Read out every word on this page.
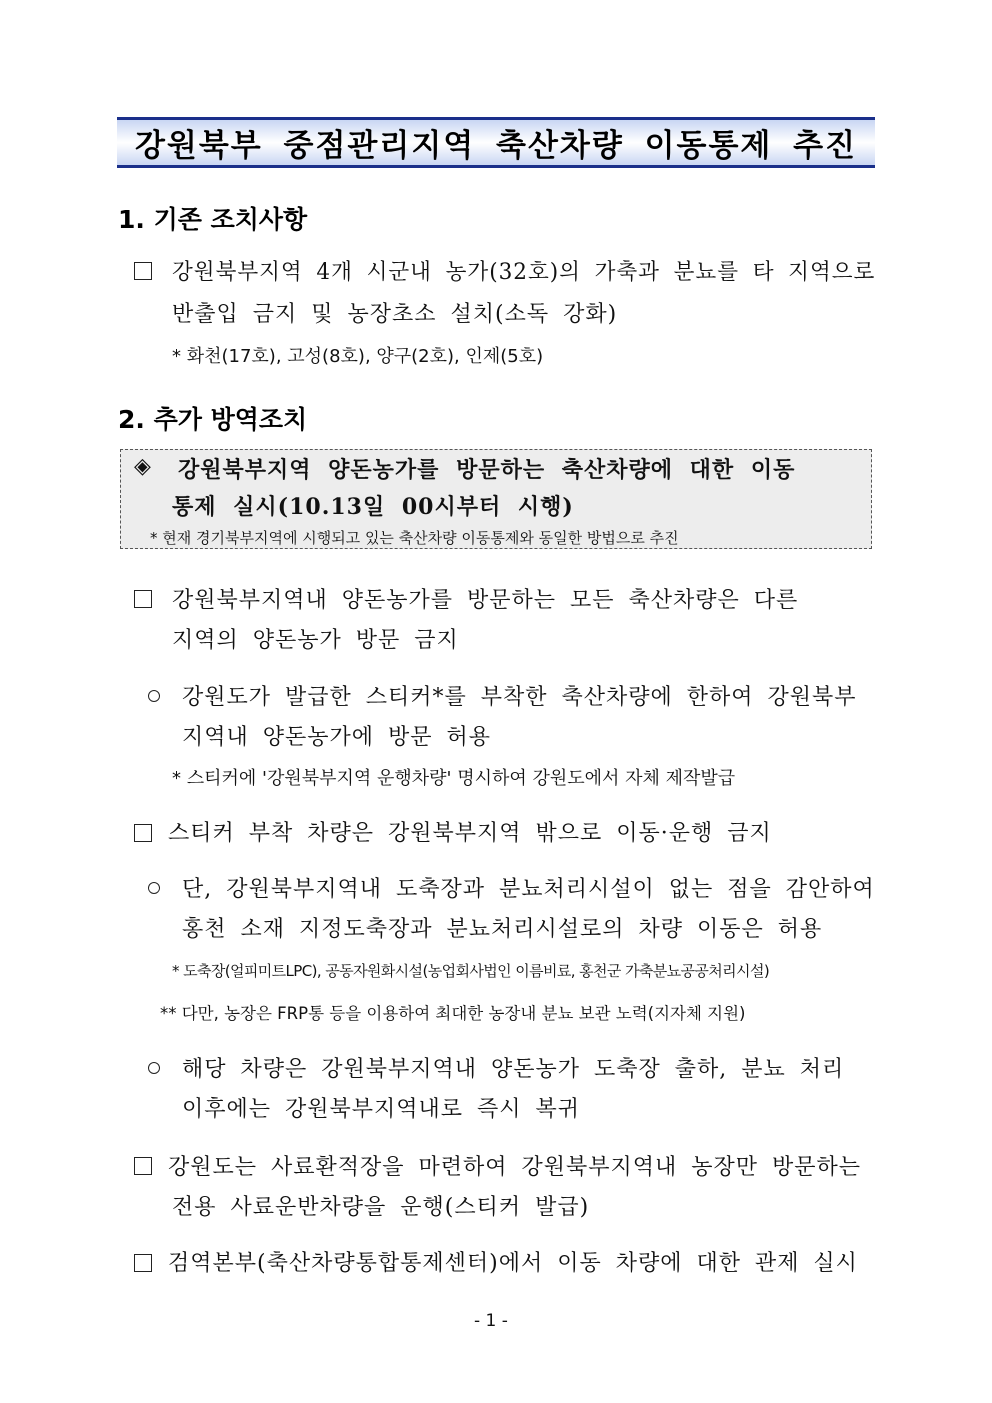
강원북부 중점관리지역 축산차량 이동통제 추진
1. 기존 조치사항
강원북부지역 4개 시군내 농가(32호)의 가축과 분뇨를 타 지역으로
반출입 금지 및 농장초소 설치(소독 강화)
* 화천(17호), 고성(8호), 양구(2호), 인제(5호)
2. 추가 방역조치
◈ 강원북부지역 양돈농가를 방문하는 축산차량에 대한 이동
통제 실시(10.13일 00시부터 시행)
* 현재 경기북부지역에 시행되고 있는 축산차량 이동통제와 동일한 방법으로 추진
강원북부지역내 양돈농가를 방문하는 모든 축산차량은 다른
지역의 양돈농가 방문 금지
강원도가 발급한 스티커*를 부착한 축산차량에 한하여 강원북부
지역내 양돈농가에 방문 허용
* 스티커에 '강원북부지역 운행차량' 명시하여 강원도에서 자체 제작발급
스티커 부착 차량은 강원북부지역 밖으로 이동·운행 금지
단, 강원북부지역내 도축장과 분뇨처리시설이 없는 점을 감안하여
홍천 소재 지정도축장과 분뇨처리시설로의 차량 이동은 허용
* 도축장(얼피미트LPC), 공동자원화시설(농업회사법인 이름비료, 홍천군 가축분뇨공공처리시설)
** 다만, 농장은 FRP통 등을 이용하여 최대한 농장내 분뇨 보관 노력(지자체 지원)
해당 차량은 강원북부지역내 양돈농가 도축장 출하, 분뇨 처리
이후에는 강원북부지역내로 즉시 복귀
강원도는 사료환적장을 마련하여 강원북부지역내 농장만 방문하는
전용 사료운반차량을 운행(스티커 발급)
검역본부(축산차량통합통제센터)에서 이동 차량에 대한 관제 실시
- 1 -
